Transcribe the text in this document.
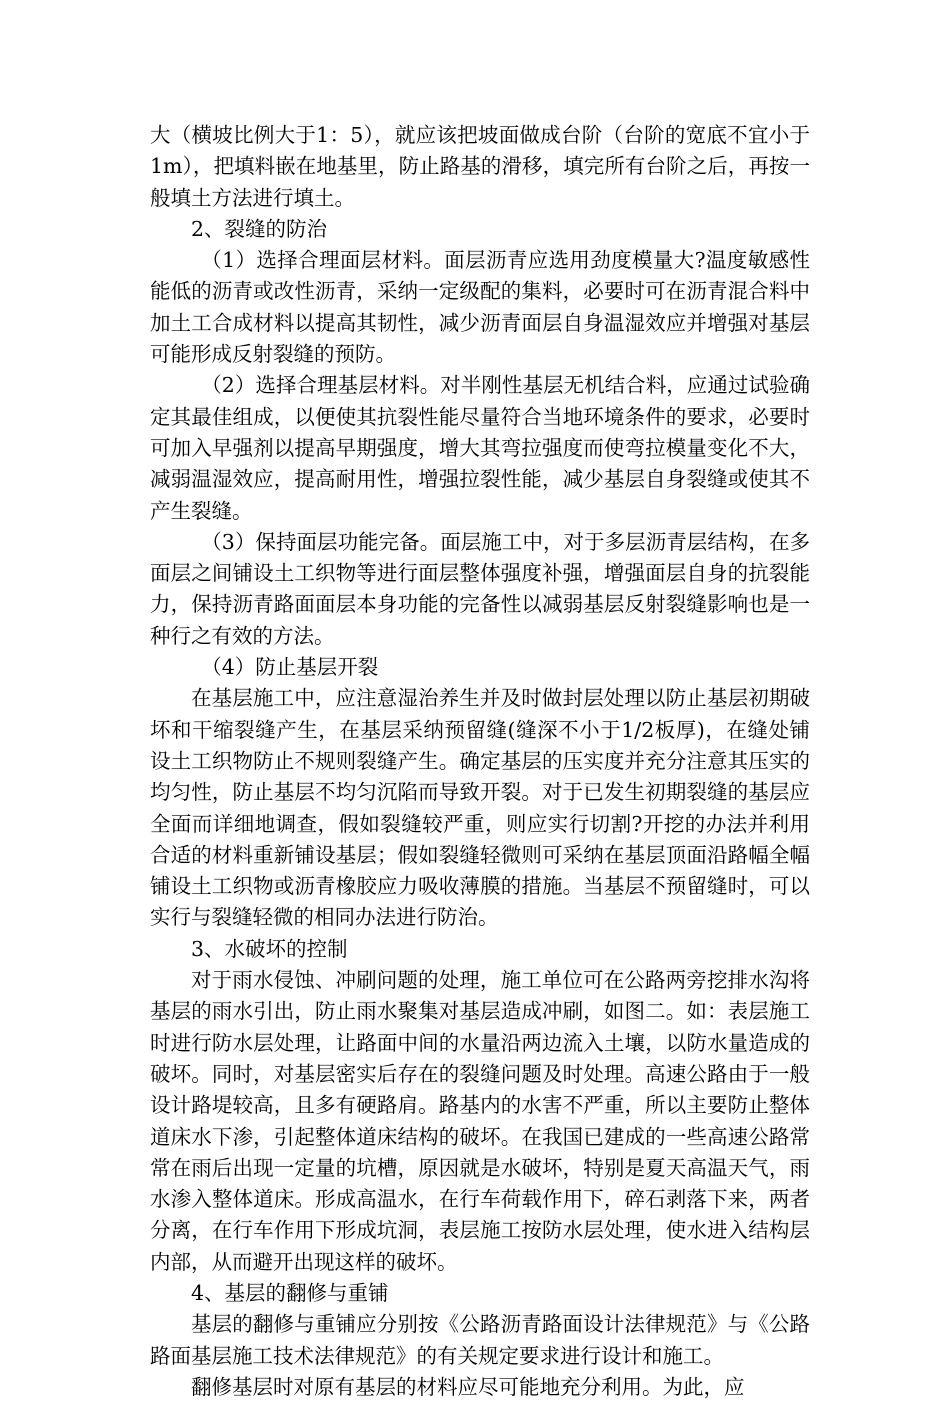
大（横坡比例大于1：5），就应该把坡面做成台阶（台阶的宽底不宜小于1m），把填料嵌在地基里，防止路基的滑移，填完所有台阶之后，再按一般填土方法进行填土。

2、裂缝的防治

（1）选择合理面层材料。面层沥青应选用劲度模量大?温度敏感性能低的沥青或改性沥青，采纳一定级配的集料，必要时可在沥青混合料中加土工合成材料以提高其韧性，减少沥青面层自身温湿效应并增强对基层可能形成反射裂缝的预防。

（2）选择合理基层材料。对半刚性基层无机结合料，应通过试验确定其最佳组成，以便使其抗裂性能尽量符合当地环境条件的要求，必要时可加入早强剂以提高早期强度，增大其弯拉强度而使弯拉模量变化不大，减弱温湿效应，提高耐用性，增强拉裂性能，减少基层自身裂缝或使其不产生裂缝。

（3）保持面层功能完备。面层施工中，对于多层沥青层结构，在多面层之间铺设土工织物等进行面层整体强度补强，增强面层自身的抗裂能力，保持沥青路面面层本身功能的完备性以减弱基层反射裂缝影响也是一种行之有效的方法。

（4）防止基层开裂

在基层施工中，应注意湿治养生并及时做封层处理以防止基层初期破坏和干缩裂缝产生，在基层采纳预留缝(缝深不小于1/2板厚)，在缝处铺设土工织物防止不规则裂缝产生。确定基层的压实度并充分注意其压实的均匀性，防止基层不均匀沉陷而导致开裂。对于已发生初期裂缝的基层应全面而详细地调查，假如裂缝较严重，则应实行切割?开挖的办法并利用合适的材料重新铺设基层；假如裂缝轻微则可采纳在基层顶面沿路幅全幅铺设土工织物或沥青橡胶应力吸收薄膜的措施。当基层不预留缝时，可以实行与裂缝轻微的相同办法进行防治。

3、水破坏的控制

对于雨水侵蚀、冲刷问题的处理，施工单位可在公路两旁挖排水沟将基层的雨水引出，防止雨水聚集对基层造成冲刷，如图二。如：表层施工时进行防水层处理，让路面中间的水量沿两边流入土壤，以防水量造成的破坏。同时，对基层密实后存在的裂缝问题及时处理。高速公路由于一般设计路堤较高，且多有硬路肩。路基内的水害不严重，所以主要防止整体道床水下渗，引起整体道床结构的破坏。在我国已建成的一些高速公路常常在雨后出现一定量的坑槽，原因就是水破坏，特别是夏天高温天气，雨水渗入整体道床。形成高温水，在行车荷载作用下，碎石剥落下来，两者分离，在行车作用下形成坑洞，表层施工按防水层处理，使水进入结构层内部，从而避开出现这样的破坏。

4、基层的翻修与重铺

基层的翻修与重铺应分别按《公路沥青路面设计法律规范》与《公路路面基层施工技术法律规范》的有关规定要求进行设计和施工。

翻修基层时对原有基层的材料应尽可能地充分利用。为此，应
